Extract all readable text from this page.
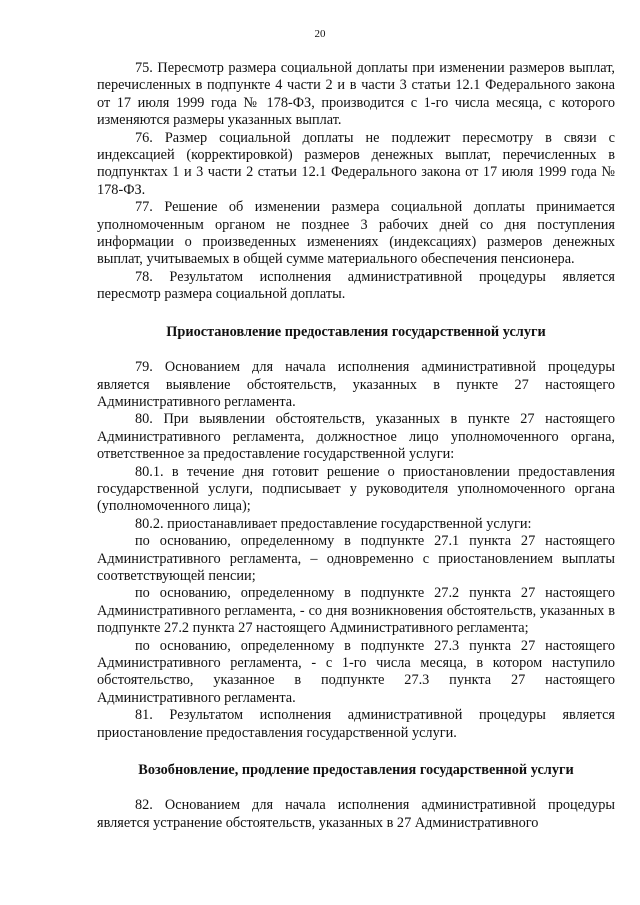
20

75. Пересмотр размера социальной доплаты при изменении размеров выплат, перечисленных в подпункте 4 части 2 и в части 3 статьи 12.1 Федерального закона от 17 июля 1999 года № 178-ФЗ, производится с 1-го числа месяца, с которого изменяются размеры указанных выплат.

76. Размер социальной доплаты не подлежит пересмотру в связи с индексацией (корректировкой) размеров денежных выплат, перечисленных в подпунктах 1 и 3 части 2 статьи 12.1 Федерального закона от 17 июля 1999 года № 178-ФЗ.

77. Решение об изменении размера социальной доплаты принимается уполномоченным органом не позднее 3 рабочих дней со дня поступления информации о произведенных изменениях (индексациях) размеров денежных выплат, учитываемых в общей сумме материального обеспечения пенсионера.

78. Результатом исполнения административной процедуры является пересмотр размера социальной доплаты.

Приостановление предоставления государственной услуги

79. Основанием для начала исполнения административной процедуры является выявление обстоятельств, указанных в пункте 27 настоящего Административного регламента.

80. При выявлении обстоятельств, указанных в пункте 27 настоящего Административного регламента, должностное лицо уполномоченного органа, ответственное за предоставление государственной услуги:

80.1. в течение дня готовит решение о приостановлении предоставления государственной услуги, подписывает у руководителя уполномоченного органа (уполномоченного лица);

80.2. приостанавливает предоставление государственной услуги:

по основанию, определенному в подпункте 27.1 пункта 27 настоящего Административного регламента, – одновременно с приостановлением выплаты соответствующей пенсии;

по основанию, определенному в подпункте 27.2 пункта 27 настоящего Административного регламента, - со дня возникновения обстоятельств, указанных в подпункте 27.2 пункта 27 настоящего Административного регламента;

по основанию, определенному в подпункте 27.3 пункта 27 настоящего Административного регламента, - с 1-го числа месяца, в котором наступило обстоятельство, указанное в подпункте 27.3 пункта 27 настоящего Административного регламента.

81. Результатом исполнения административной процедуры является приостановление предоставления государственной услуги.

Возобновление, продление предоставления государственной услуги

82. Основанием для начала исполнения административной процедуры является устранение обстоятельств, указанных в 27 Административного
